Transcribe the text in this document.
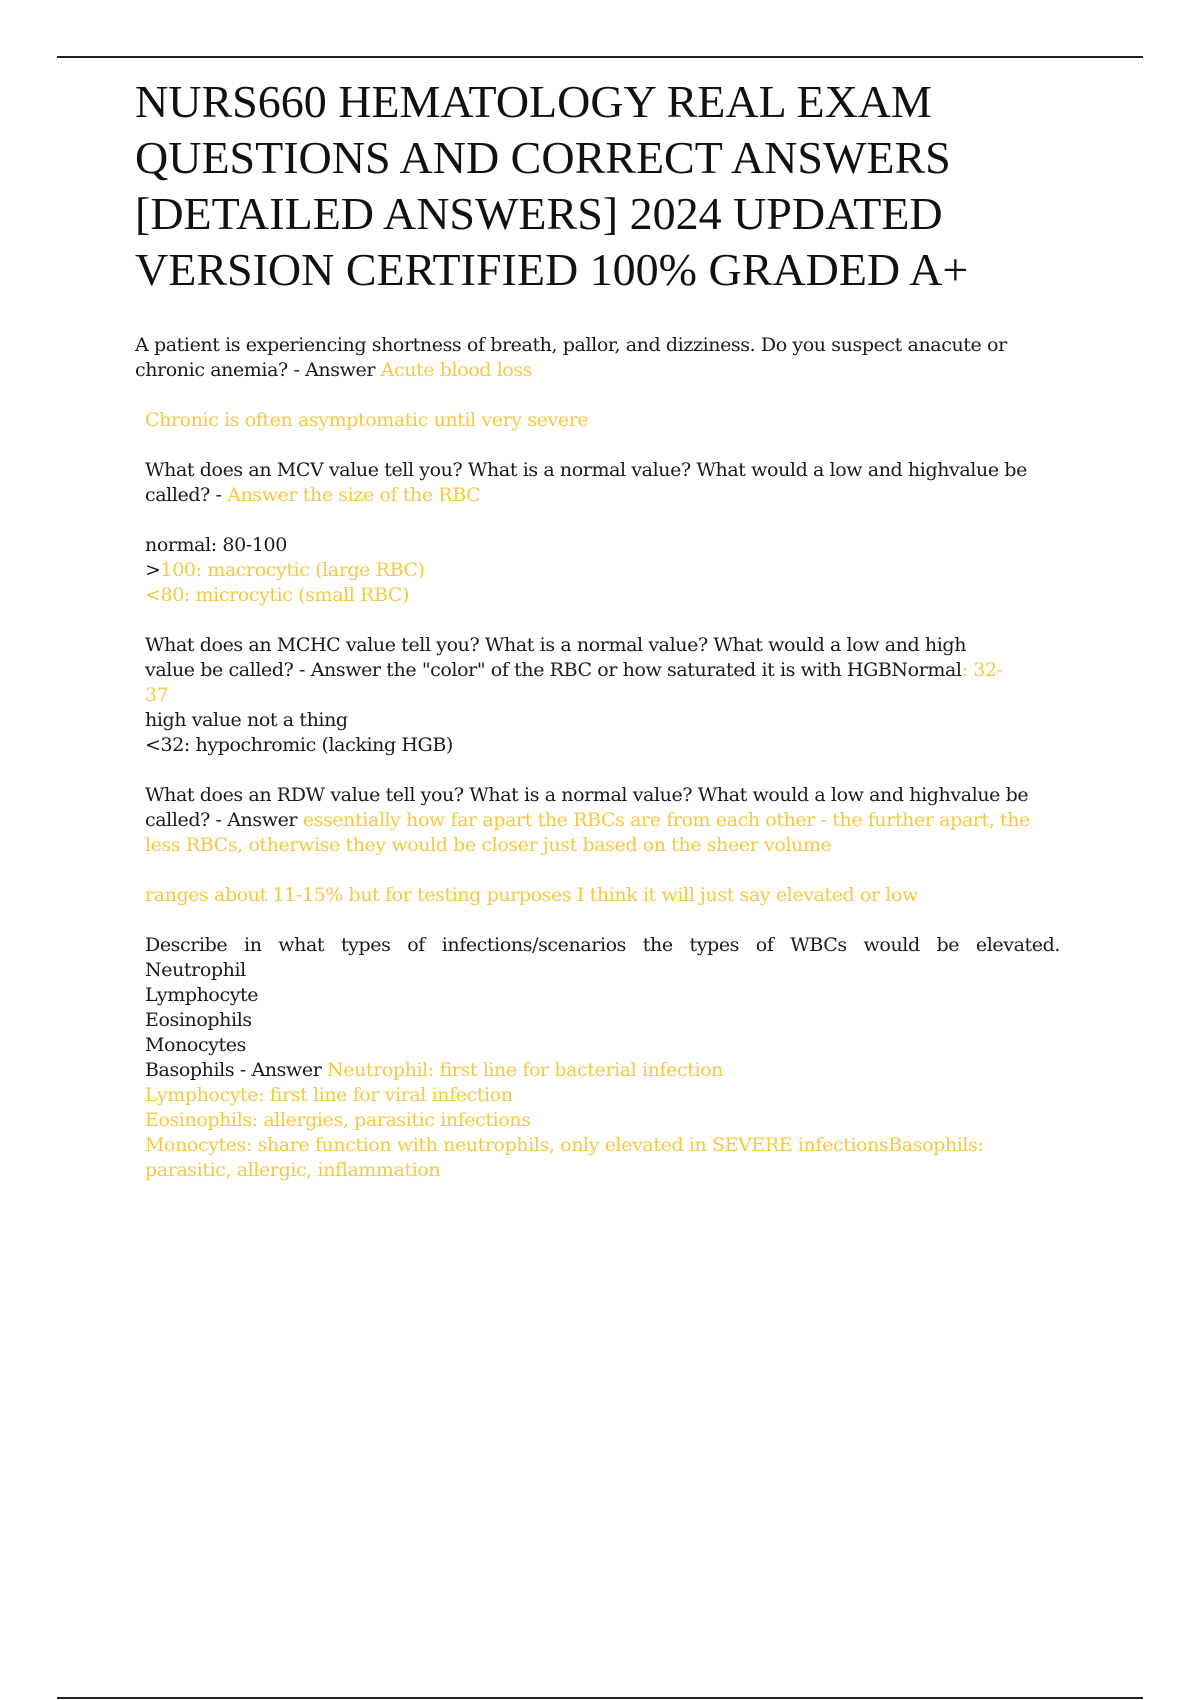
NURS660 HEMATOLOGY REAL EXAM
QUESTIONS AND CORRECT ANSWERS
[DETAILED ANSWERS] 2024 UPDATED
VERSION CERTIFIED 100% GRADED A+
A patient is experiencing shortness of breath, pallor, and dizziness. Do you suspect anacute or
chronic anemia? - Answer Acute blood loss
Chronic is often asymptomatic until very severe
What does an MCV value tell you? What is a normal value? What would a low and highvalue be
called? - Answer the size of the RBC
normal: 80-100
>100: macrocytic (large RBC)
<80: microcytic (small RBC)
What does an MCHC value tell you? What is a normal value? What would a low and high
value be called? - Answer the "color" of the RBC or how saturated it is with HGBNormal: 32-
37
high value not a thing
<32: hypochromic (lacking HGB)
What does an RDW value tell you? What is a normal value? What would a low and highvalue be
called? - Answer essentially how far apart the RBCs are from each other - the further apart, the
less RBCs, otherwise they would be closer just based on the sheer volume
ranges about 11-15% but for testing purposes I think it will just say elevated or low
Describe in what types of infections/scenarios the types of WBCs would be elevated.
Neutrophil
Lymphocyte
Eosinophils
Monocytes
Basophils - Answer Neutrophil: first line for bacterial infection
Lymphocyte: first line for viral infection
Eosinophils: allergies, parasitic infections
Monocytes: share function with neutrophils, only elevated in SEVERE infectionsBasophils:
parasitic, allergic, inflammation
